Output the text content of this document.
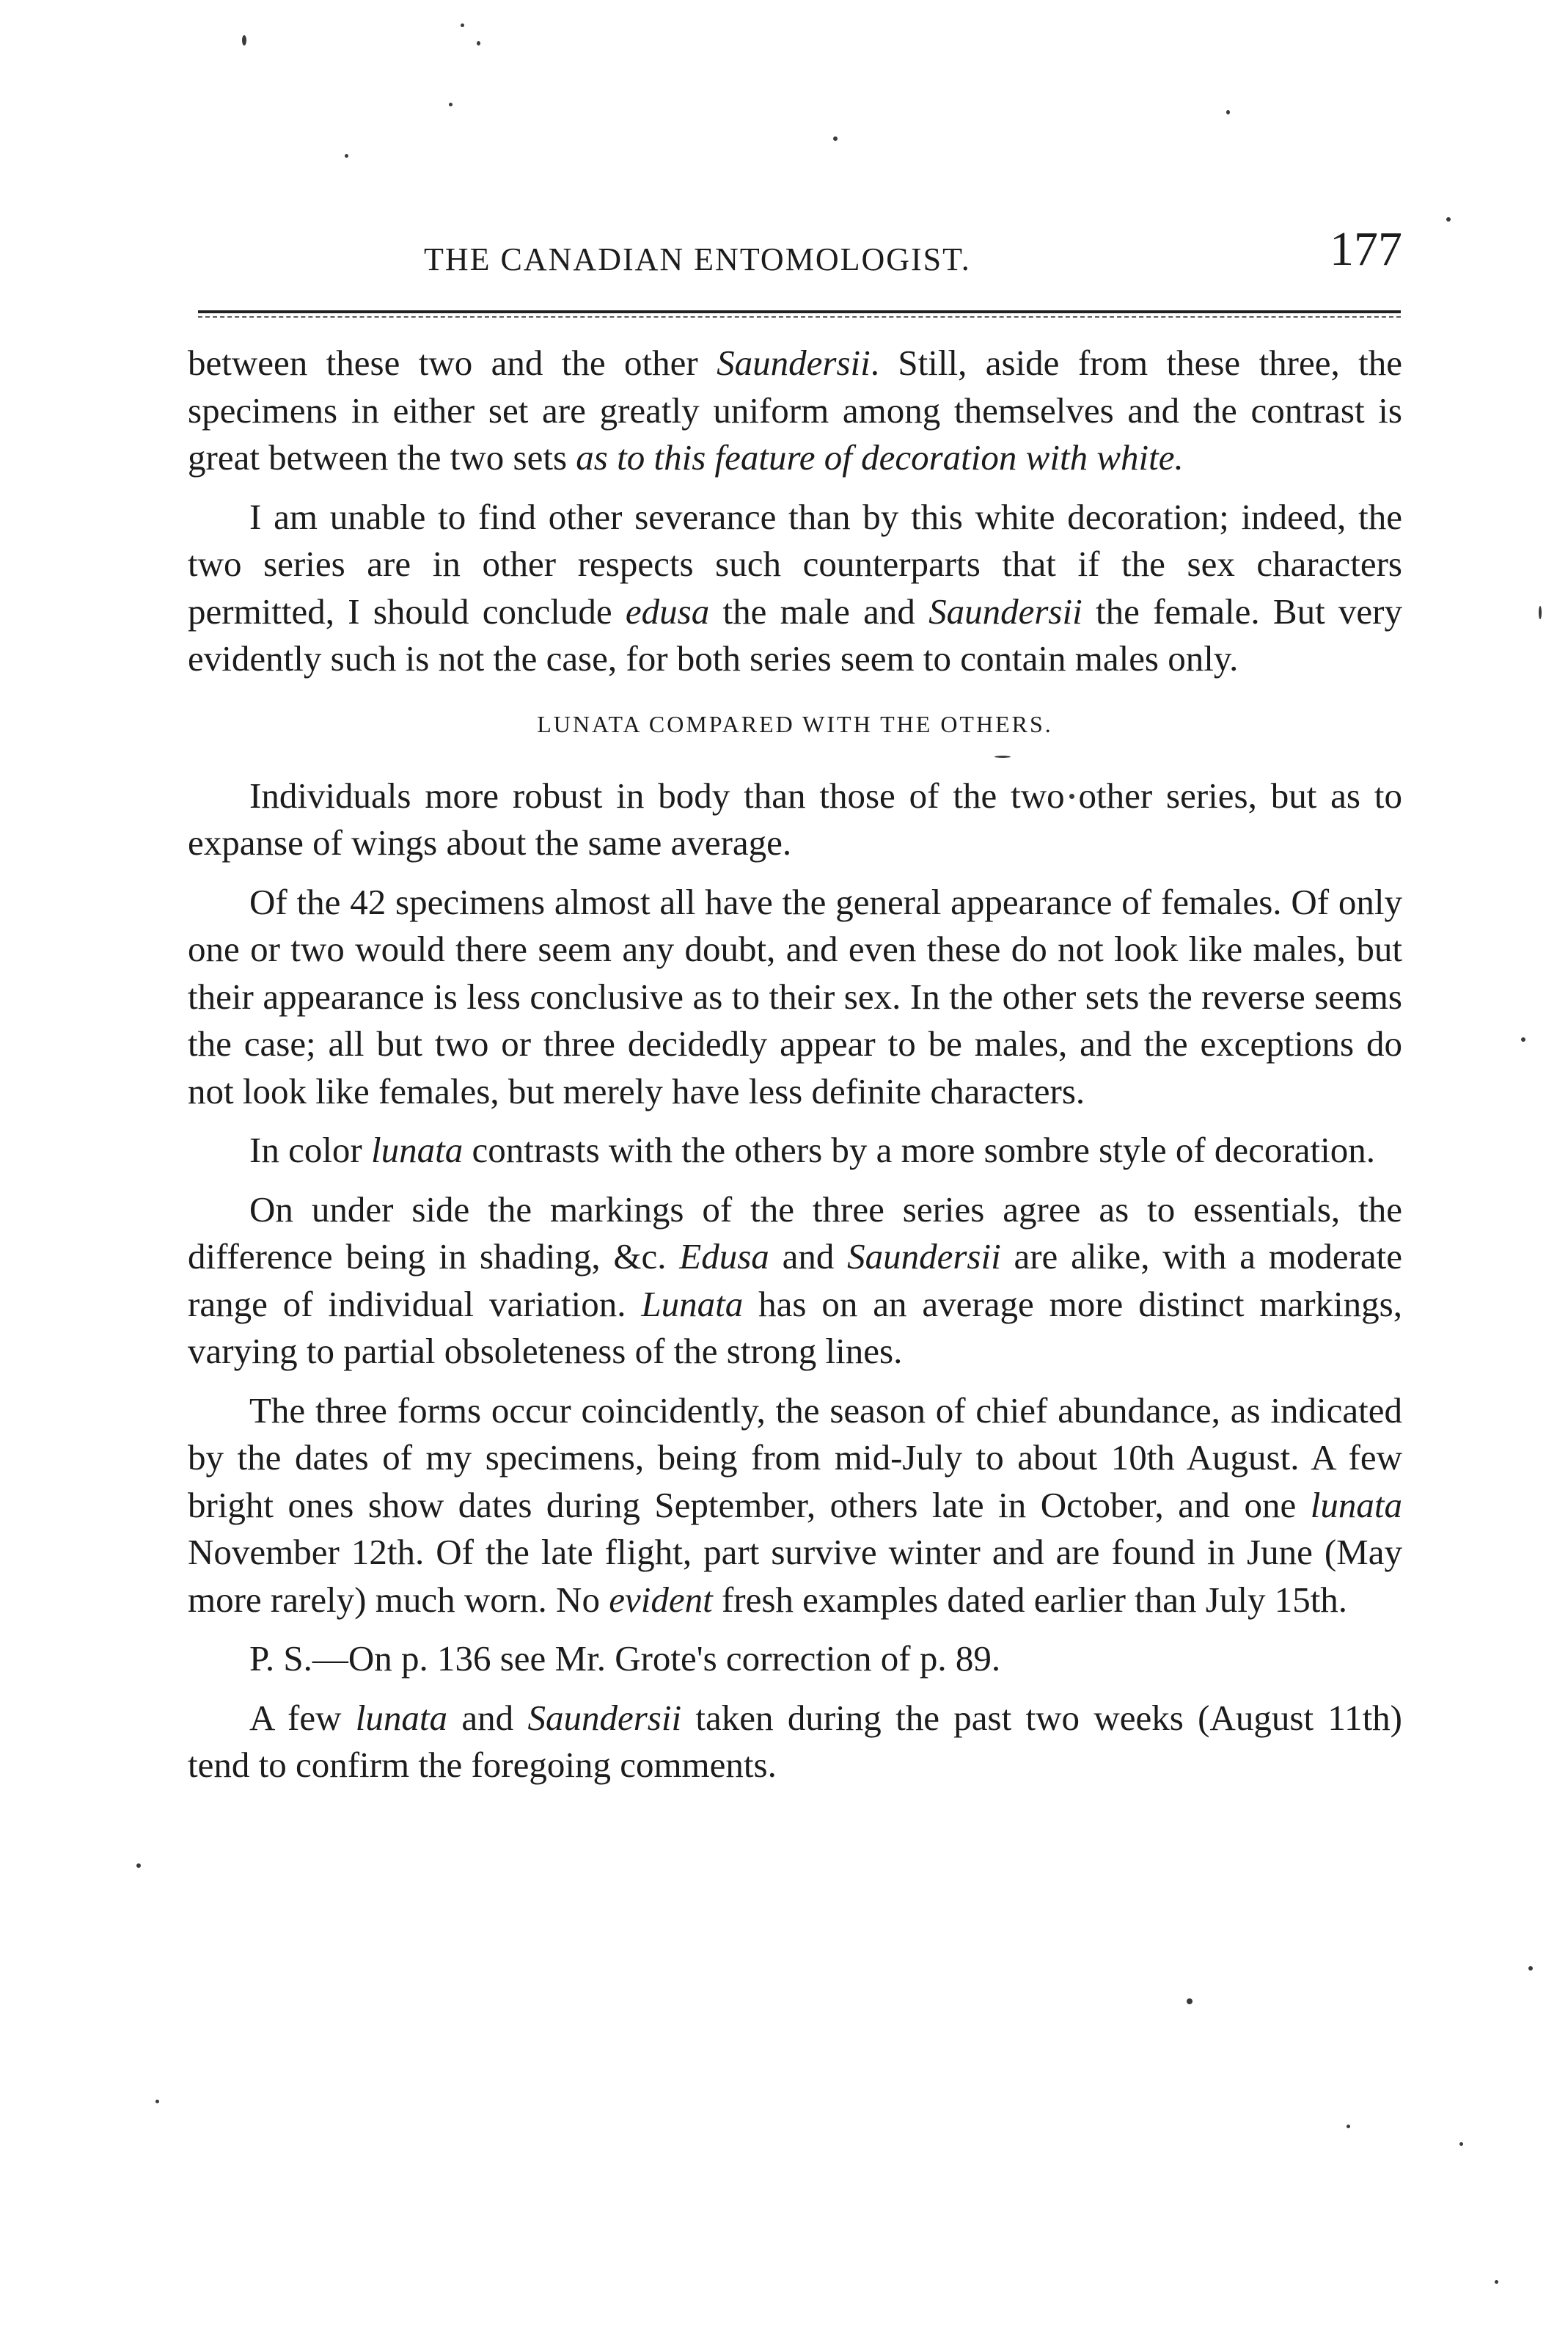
THE CANADIAN ENTOMOLOGIST.	177

between these two and the other Saundersii. Still, aside from these three, the specimens in either set are greatly uniform among themselves and the contrast is great between the two sets as to this feature of decoration with white.

I am unable to find other severance than by this white decoration; indeed, the two series are in other respects such counterparts that if the sex characters permitted, I should conclude edusa the male and Saundersii the female. But very evidently such is not the case, for both series seem to contain males only.

LUNATA COMPARED WITH THE OTHERS.

Individuals more robust in body than those of the two other series, but as to expanse of wings about the same average.

Of the 42 specimens almost all have the general appearance of females. Of only one or two would there seem any doubt, and even these do not look like males, but their appearance is less conclusive as to their sex. In the other sets the reverse seems the case; all but two or three decidedly appear to be males, and the exceptions do not look like females, but merely have less definite characters.

In color lunata contrasts with the others by a more sombre style of decoration.

On under side the markings of the three series agree as to essentials, the difference being in shading, &c. Edusa and Saundersii are alike, with a moderate range of individual variation. Lunata has on an average more distinct markings, varying to partial obsoleteness of the strong lines.

The three forms occur coincidently, the season of chief abundance, as indicated by the dates of my specimens, being from mid-July to about 10th August. A few bright ones show dates during September, others late in October, and one lunata November 12th. Of the late flight, part survive winter and are found in June (May more rarely) much worn. No evident fresh examples dated earlier than July 15th.

P. S.—On p. 136 see Mr. Grote's correction of p. 89.

A few lunata and Saundersii taken during the past two weeks (August 11th) tend to confirm the foregoing comments.
